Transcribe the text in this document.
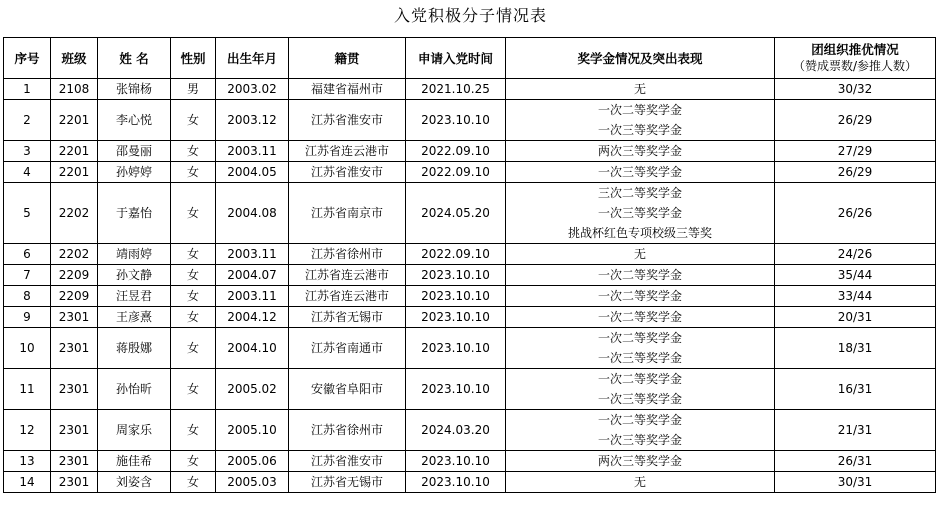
入党积极分子情况表
序号	班级	姓 名	性别	出生年月	籍贯	申请入党时间	奖学金情况及突出表现	团组织推优情况
（赞成票数/参推人数）

1	2108	张锦杨	男	2003.02	福建省福州市	2021.10.25	无	30/32
2	2201	李心悦	女	2003.12	江苏省淮安市	2023.10.10	一次二等奖学金
一次三等奖学金	26/29
3	2201	邵曼丽	女	2003.11	江苏省连云港市	2022.09.10	两次三等奖学金	27/29
4	2201	孙婷婷	女	2004.05	江苏省淮安市	2022.09.10	一次三等奖学金	26/29
5	2202	于嘉怡	女	2004.08	江苏省南京市	2024.05.20	三次二等奖学金
一次三等奖学金
挑战杯红色专项校级三等奖	26/26
6	2202	靖雨婷	女	2003.11	江苏省徐州市	2022.09.10	无	24/26
7	2209	孙文静	女	2004.07	江苏省连云港市	2023.10.10	一次二等奖学金	35/44
8	2209	汪昱君	女	2003.11	江苏省连云港市	2023.10.10	一次二等奖学金	33/44
9	2301	王彦熹	女	2004.12	江苏省无锡市	2023.10.10	一次二等奖学金	20/31
10	2301	蒋殷娜	女	2004.10	江苏省南通市	2023.10.10	一次二等奖学金
一次三等奖学金	18/31
11	2301	孙怡昕	女	2005.02	安徽省阜阳市	2023.10.10	一次二等奖学金
一次三等奖学金	16/31
12	2301	周家乐	女	2005.10	江苏省徐州市	2024.03.20	一次二等奖学金
一次三等奖学金	21/31
13	2301	施佳希	女	2005.06	江苏省淮安市	2023.10.10	两次三等奖学金	26/31
14	2301	刘姿含	女	2005.03	江苏省无锡市	2023.10.10	无	30/31
